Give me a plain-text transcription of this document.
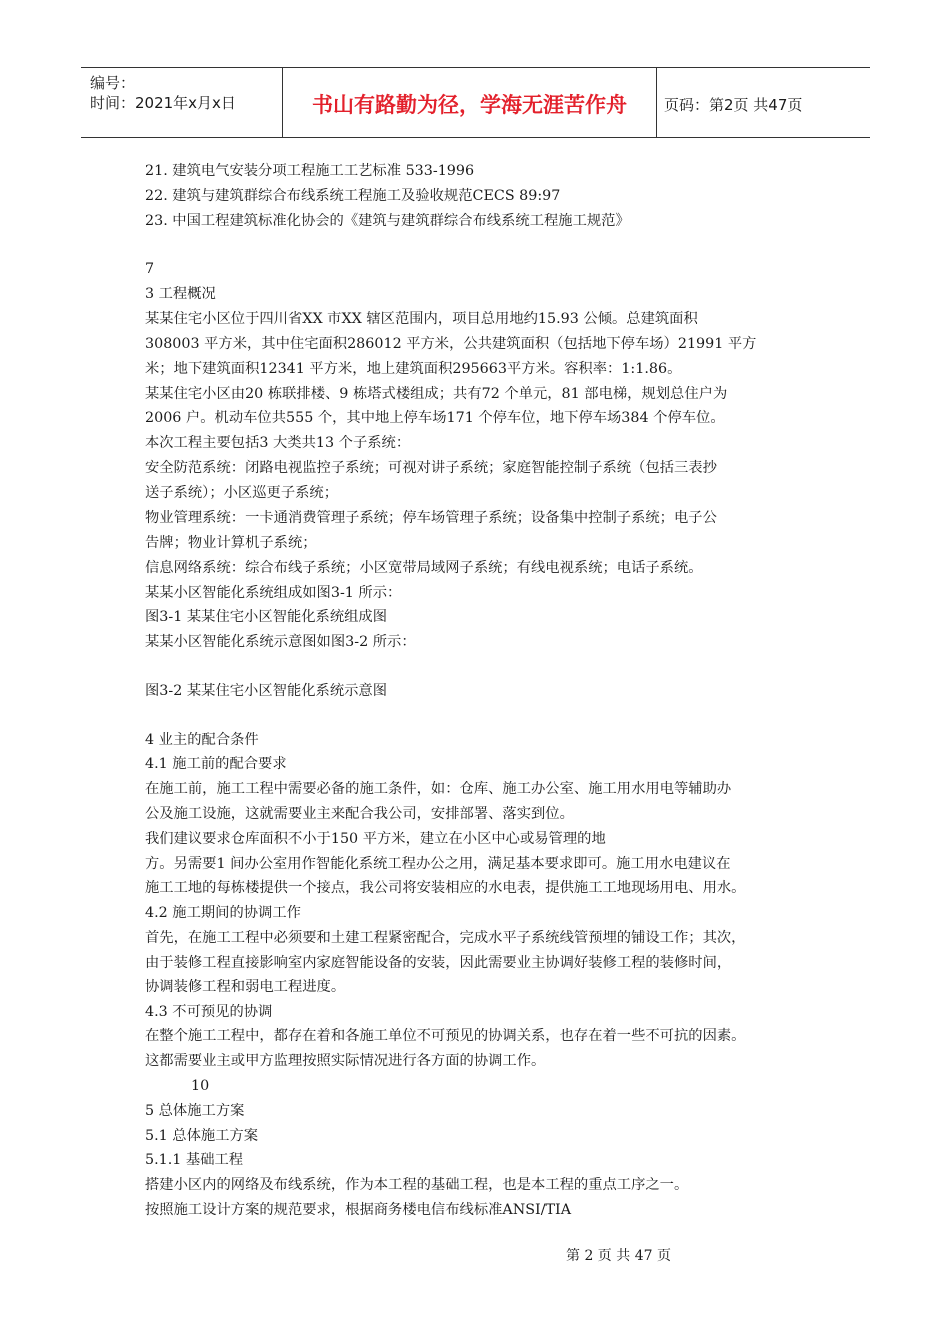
编号：
时间：2021年x月x日	书山有路勤为径，学海无涯苦作舟	页码：第2页 共47页
21. 建筑电气安装分项工程施工工艺标准 533-1996
22. 建筑与建筑群综合布线系统工程施工及验收规范CECS 89:97
23. 中国工程建筑标准化协会的《建筑与建筑群综合布线系统工程施工规范》
7
3 工程概况
某某住宅小区位于四川省XX 市XX 辖区范围内，项目总用地约15.93 公倾。总建筑面积
308003 平方米，其中住宅面积286012 平方米，公共建筑面积（包括地下停车场）21991 平方
米；地下建筑面积12341 平方米，地上建筑面积295663平方米。容积率：1:1.86。
某某住宅小区由20 栋联排楼、9 栋塔式楼组成；共有72 个单元，81 部电梯，规划总住户为
2006 户。机动车位共555 个，其中地上停车场171 个停车位，地下停车场384 个停车位。
本次工程主要包括3 大类共13 个子系统：
安全防范系统：闭路电视监控子系统；可视对讲子系统；家庭智能控制子系统（包括三表抄
送子系统）；小区巡更子系统；
物业管理系统：一卡通消费管理子系统；停车场管理子系统；设备集中控制子系统；电子公
告牌；物业计算机子系统；
信息网络系统：综合布线子系统；小区宽带局域网子系统；有线电视系统；电话子系统。
某某小区智能化系统组成如图3-1 所示：
图3-1 某某住宅小区智能化系统组成图
某某小区智能化系统示意图如图3-2 所示：
图3-2 某某住宅小区智能化系统示意图
4 业主的配合条件
4.1 施工前的配合要求
在施工前，施工工程中需要必备的施工条件，如：仓库、施工办公室、施工用水用电等辅助办
公及施工设施，这就需要业主来配合我公司，安排部署、落实到位。
我们建议要求仓库面积不小于150 平方米，建立在小区中心或易管理的地
方。另需要1 间办公室用作智能化系统工程办公之用，满足基本要求即可。施工用水电建议在
施工工地的每栋楼提供一个接点，我公司将安装相应的水电表，提供施工工地现场用电、用水。
4.2 施工期间的协调工作
首先，在施工工程中必须要和土建工程紧密配合，完成水平子系统线管预埋的铺设工作；其次，
由于装修工程直接影响室内家庭智能设备的安装，因此需要业主协调好装修工程的装修时间，
协调装修工程和弱电工程进度。
4.3 不可预见的协调
在整个施工工程中，都存在着和各施工单位不可预见的协调关系，也存在着一些不可抗的因素。
这都需要业主或甲方监理按照实际情况进行各方面的协调工作。
10
5 总体施工方案
5.1 总体施工方案
5.1.1 基础工程
搭建小区内的网络及布线系统，作为本工程的基础工程，也是本工程的重点工序之一。
按照施工设计方案的规范要求，根据商务楼电信布线标准ANSI/TIA
第 2 页 共 47 页
